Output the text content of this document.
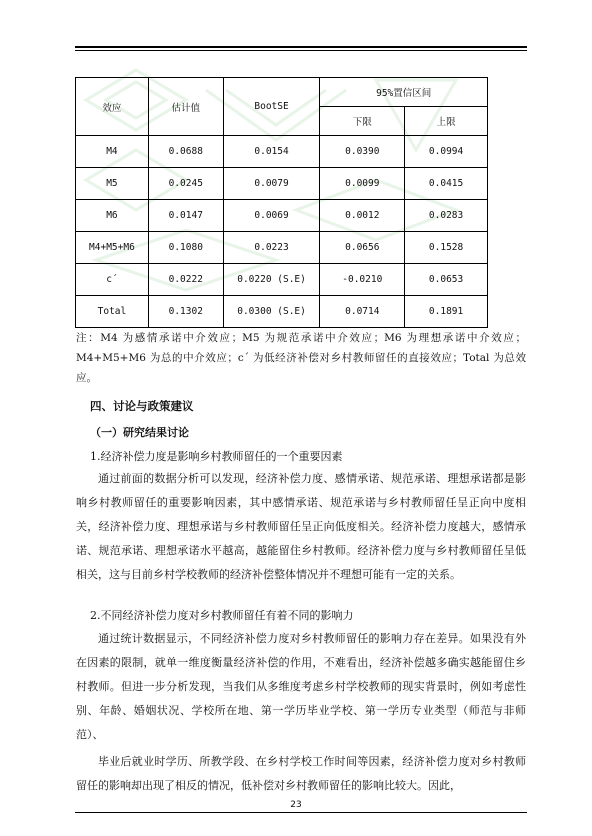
效应	估计值	BootSE	95%置信区间	
			下限	上限
M4	0.0688	0.0154	0.0390	0.0994
M5	0.0245	0.0079	0.0099	0.0415
M6	0.0147	0.0069	0.0012	0.0283
M4+M5+M6	0.1080	0.0223	0.0656	0.1528
c´	0.0222	0.0220 (S.E)	-0.0210	0.0653
Total	0.1302	0.0300 (S.E)	0.0714	0.1891

注：M4 为感情承诺中介效应；M5 为规范承诺中介效应；M6 为理想承诺中介效应；M4+M5+M6 为总的中介效应；c´ 为低经济补偿对乡村教师留任的直接效应；Total 为总效应。

四、讨论与政策建议
（一）研究结果讨论

1.经济补偿力度是影响乡村教师留任的一个重要因素

通过前面的数据分析可以发现，经济补偿力度、感情承诺、规范承诺、理想承诺都是影响乡村教师留任的重要影响因素，其中感情承诺、规范承诺与乡村教师留任呈正向中度相关，经济补偿力度、理想承诺与乡村教师留任呈正向低度相关。经济补偿力度越大，感情承诺、规范承诺、理想承诺水平越高，越能留住乡村教师。经济补偿力度与乡村教师留任呈低相关，这与目前乡村学校教师的经济补偿整体情况并不理想可能有一定的关系。

2.不同经济补偿力度对乡村教师留任有着不同的影响力

通过统计数据显示，不同经济补偿力度对乡村教师留任的影响力存在差异。如果没有外在因素的限制，就单一维度衡量经济补偿的作用，不难看出，经济补偿越多确实越能留住乡村教师。但进一步分析发现，当我们从多维度考虑乡村学校教师的现实背景时，例如考虑性别、年龄、婚姻状况、学校所在地、第一学历毕业学校、第一学历专业类型（师范与非师范）、

毕业后就业时学历、所教学段、在乡村学校工作时间等因素，经济补偿力度对乡村教师留任的影响却出现了相反的情况，低补偿对乡村教师留任的影响比较大。因此，

23
